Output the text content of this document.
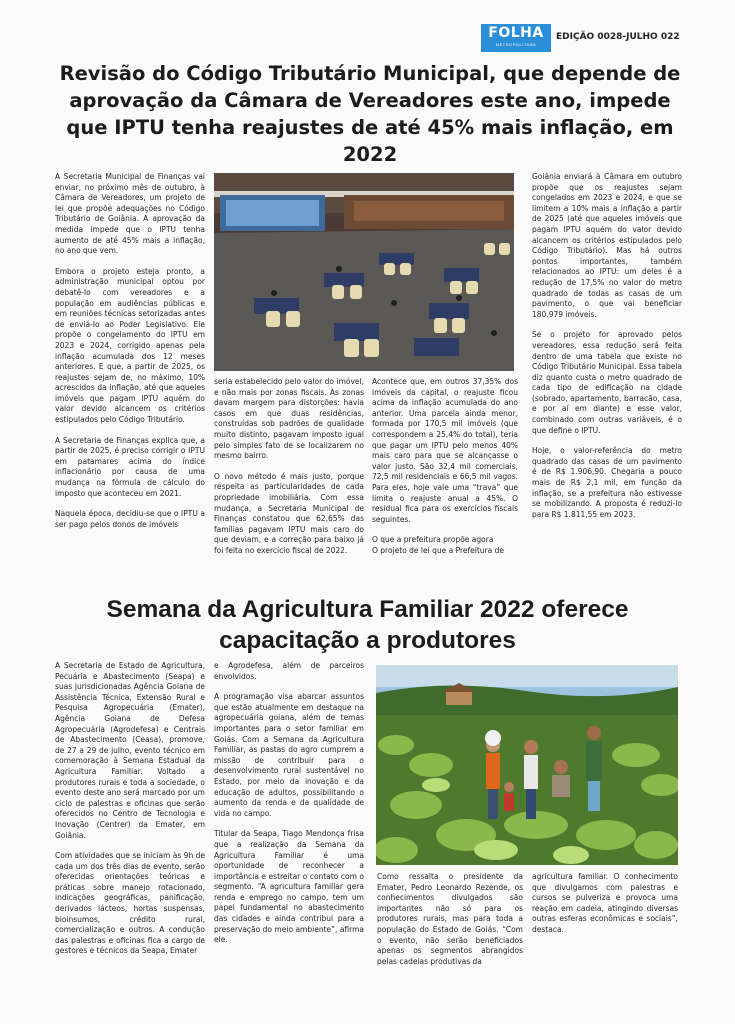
FOLHA
METROPOLITANA
EDIÇÃO 0028-JULHO 022
Revisão do Código Tributário Municipal, que depende de aprovação da Câmara de Vereadores este ano, impede que IPTU tenha reajustes de até 45% mais inflação, em 2022

A Secretaria Municipal de Finanças vai enviar, no próximo mês de outubro, à Câmara de Vereadores, um projeto de lei que propõe adequações no Código Tributário de Goiânia. A aprovação da medida impede que o IPTU tenha aumento de até 45% mais a inflação, no ano que vem.

Embora o projeto esteja pronto, a administração municipal optou por debatê-lo com vereadores e a população em audiências públicas e em reuniões técnicas setorizadas antes de enviá-lo ao Poder Legislativo. Ele propõe o congelamento do IPTU em 2023 e 2024, corrigido apenas pela inflação acumulada dos 12 meses anteriores. E que, a partir de 2025, os reajustes sejam de, no máximo, 10% acrescidos da inflação, até que aqueles imóveis que pagam IPTU aquém do valor devido alcancem os critérios estipulados pelo Código Tributário.

A Secretaria de Finanças explica que, a partir de 2025, é preciso corrigir o IPTU em patamares acima do índice inflacionário por causa de uma mudança na fórmula de cálculo do imposto que aconteceu em 2021.

Naquela época, decidiu-se que o IPTU a ser pago pelos donos de imóveis

seria estabelecido pelo valor do imóvel, e não mais por zonas fiscais. As zonas davam margem para distorções: havia casos em que duas residências, construídas sob padrões de qualidade muito distinto, pagavam imposto igual pelo simples fato de se localizarem no mesmo bairro.

O novo método é mais justo, porque respeita as particularidades de cada propriedade imobiliária. Com essa mudança, a Secretaria Municipal de Finanças constatou que 62,65% das famílias pagavam IPTU mais caro do que deviam, e a correção para baixo já foi feita no exercício fiscal de 2022.

Acontece que, em outros 37,35% dos imóveis da capital, o reajuste ficou acima da inflação acumulada do ano anterior. Uma parcela ainda menor, formada por 170,5 mil imóveis (que correspondem a 25,4% do total), teria que pagar um IPTU pelo menos 40% mais caro para que se alcançasse o valor justo. São 32,4 mil comerciais, 72,5 mil residenciais e 66,5 mil vagos. Para eles, hoje vale uma “trava” que limita o reajuste anual a 45%. O residual fica para os exercícios fiscais seguintes.

O que a prefeitura propõe agora

O projeto de lei que a Prefeitura de

Goiânia enviará à Câmara em outubro propõe que os reajustes sejam congelados em 2023 e 2024, e que se limitem a 10% mais a inflação a partir de 2025 (até que aqueles imóveis que pagam IPTU aquém do valor devido alcancem os critérios estipulados pelo Código Tributário). Mas há outros pontos importantes, também relacionados ao IPTU: um deles é a redução de 17,5% no valor do metro quadrado de todas as casas de um pavimento, o que vai beneficiar 180.979 imóveis.

Se o projeto for aprovado pelos vereadores, essa redução será feita dentro de uma tabela que existe no Código Tributário Municipal. Essa tabela diz quanto custa o metro quadrado de cada tipo de edificação na cidade (sobrado, apartamento, barracão, casa, e por aí em diante) e esse valor, combinado com outras variáveis, é o que define o IPTU.

Hoje, o valor-referência do metro quadrado das casas de um pavimento é de R$ 1.906,90. Chegaria a pouco mais de R$ 2,1 mil, em função da inflação, se a prefeitura não estivesse se mobilizando. A proposta é reduzi-lo para R$ 1.811,55 em 2023.

Semana da Agricultura Familiar 2022 oferece capacitação a produtores

A Secretaria de Estado de Agricultura, Pecuária e Abastecimento (Seapa) e suas jurisdicionadas Agência Goiana de Assistência Técnica, Extensão Rural e Pesquisa Agropecuária (Emater), Agência Goiana de Defesa Agropecuária (Agrodefesa) e Centrais de Abastecimento (Ceasa), promove, de 27 a 29 de julho, evento técnico em comemoração à Semana Estadual da Agricultura Familiar. Voltado a produtores rurais e toda a sociedade, o evento deste ano será marcado por um ciclo de palestras e oficinas que serão oferecidos no Centro de Tecnologia e Inovação (Centrer) da Emater, em Goiânia.

Com atividades que se iniciam às 9h de cada um dos três dias de evento, serão oferecidas orientações teóricas e práticas sobre manejo rotacionado, indicações geográficas, panificação, derivados lácteos, hortas suspensas, bioinsumos, crédito rural, comercialização e outros. A condução das palestras e oficinas fica a cargo de gestores e técnicos da Seapa, Emater

e Agrodefesa, além de parceiros envolvidos.

A programação visa abarcar assuntos que estão atualmente em destaque na agropecuária goiana, além de temas importantes para o setor familiar em Goiás. Com a Semana da Agricultura Familiar, as pastas do agro cumprem a missão de contribuir para o desenvolvimento rural sustentável no Estado, por meio da inovação e da educação de adultos, possibilitando o aumento da renda e da qualidade de vida no campo.

Titular da Seapa, Tiago Mendonça frisa que a realização da Semana da Agricultura Familiar é uma oportunidade de reconhecer a importância e estreitar o contato com o segmento. “A agricultura familiar gera renda e emprego no campo, tem um papel fundamental no abastecimento das cidades e ainda contribui para a preservação do meio ambiente”, afirma ele.

Como ressalta o presidente da Emater, Pedro Leonardo Rezende, os conhecimentos divulgados são importantes não só para os produtores rurais, mas para toda a população do Estado de Goiás. “Com o evento, não serão beneficiados apenas os segmentos abrangidos pelas cadeias produtivas da

agricultura familiar. O conhecimento que divulgamos com palestras e cursos se pulveriza e provoca uma reação em cadeia, atingindo diversas outras esferas econômicas e sociais”, destaca.
